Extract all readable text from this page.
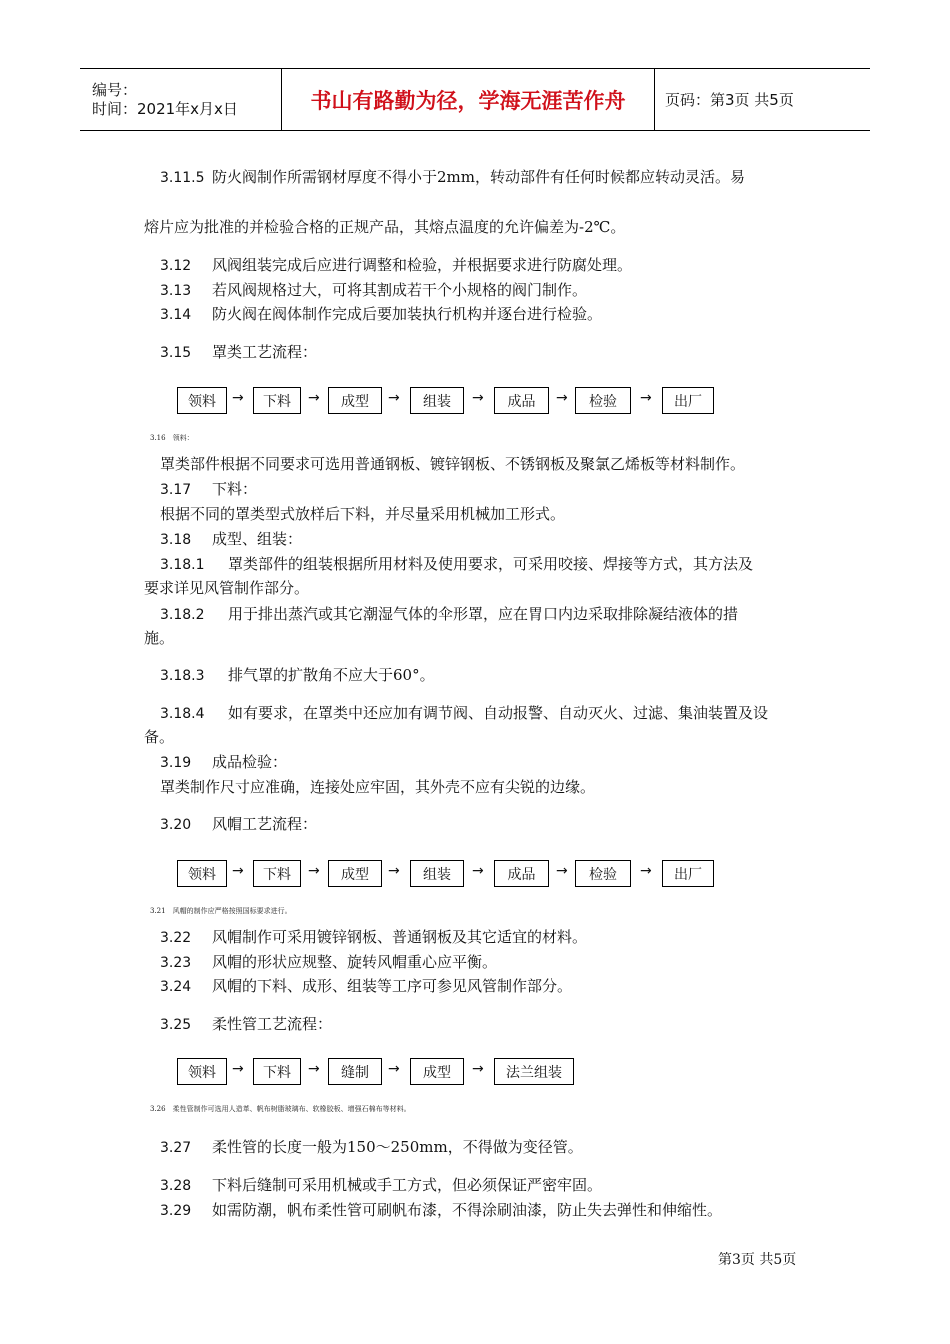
编号：
时间：2021年x月x日	书山有路勤为径，学海无涯苦作舟	页码：第3页 共5页
3.11.5 防火阀制作所需钢材厚度不得小于2mm，转动部件有任何时候都应转动灵活。易
熔片应为批准的并检验合格的正规产品，其熔点温度的允许偏差为-2℃。
3.12 风阀组装完成后应进行调整和检验，并根据要求进行防腐处理。
3.13 若风阀规格过大，可将其割成若干个小规格的阀门制作。
3.14 防火阀在阀体制作完成后要加装执行机构并逐台进行检验。
3.15 罩类工艺流程：
领料	→	下料	→	成型	→	组装	→	成品	→	检验	→	出厂
3.16　领料：
罩类部件根据不同要求可选用普通钢板、镀锌钢板、不锈钢板及聚氯乙烯板等材料制作。
3.17 下料：
根据不同的罩类型式放样后下料，并尽量采用机械加工形式。
3.18 成型、组装：
3.18.1 罩类部件的组装根据所用材料及使用要求，可采用咬接、焊接等方式，其方法及
要求详见风管制作部分。
3.18.2 用于排出蒸汽或其它潮湿气体的伞形罩，应在胃口内边采取排除凝结液体的措
施。
3.18.3 排气罩的扩散角不应大于60°。
3.18.4 如有要求，在罩类中还应加有调节阀、自动报警、自动灭火、过滤、集油装置及设
备。
3.19 成品检验：
罩类制作尺寸应准确，连接处应牢固，其外壳不应有尖锐的边缘。
3.20 风帽工艺流程：
领料	→	下料	→	成型	→	组装	→	成品	→	检验	→	出厂
3.21　风帽的制作应严格按照国标要求进行。
3.22 风帽制作可采用镀锌钢板、普通钢板及其它适宜的材料。
3.23 风帽的形状应规整、旋转风帽重心应平衡。
3.24 风帽的下料、成形、组装等工序可参见风管制作部分。
3.25 柔性管工艺流程：
领料	→	下料	→	缝制	→	成型	→	法兰组装
3.26　柔性管制作可选用人造革、帆布树脂玻璃布、软橡胶板、增强石棉布等材料。
3.27 柔性管的长度一般为150～250mm，不得做为变径管。
3.28 下料后缝制可采用机械或手工方式，但必须保证严密牢固。
3.29 如需防潮，帆布柔性管可刷帆布漆，不得涂刷油漆，防止失去弹性和伸缩性。
第3页 共5页
